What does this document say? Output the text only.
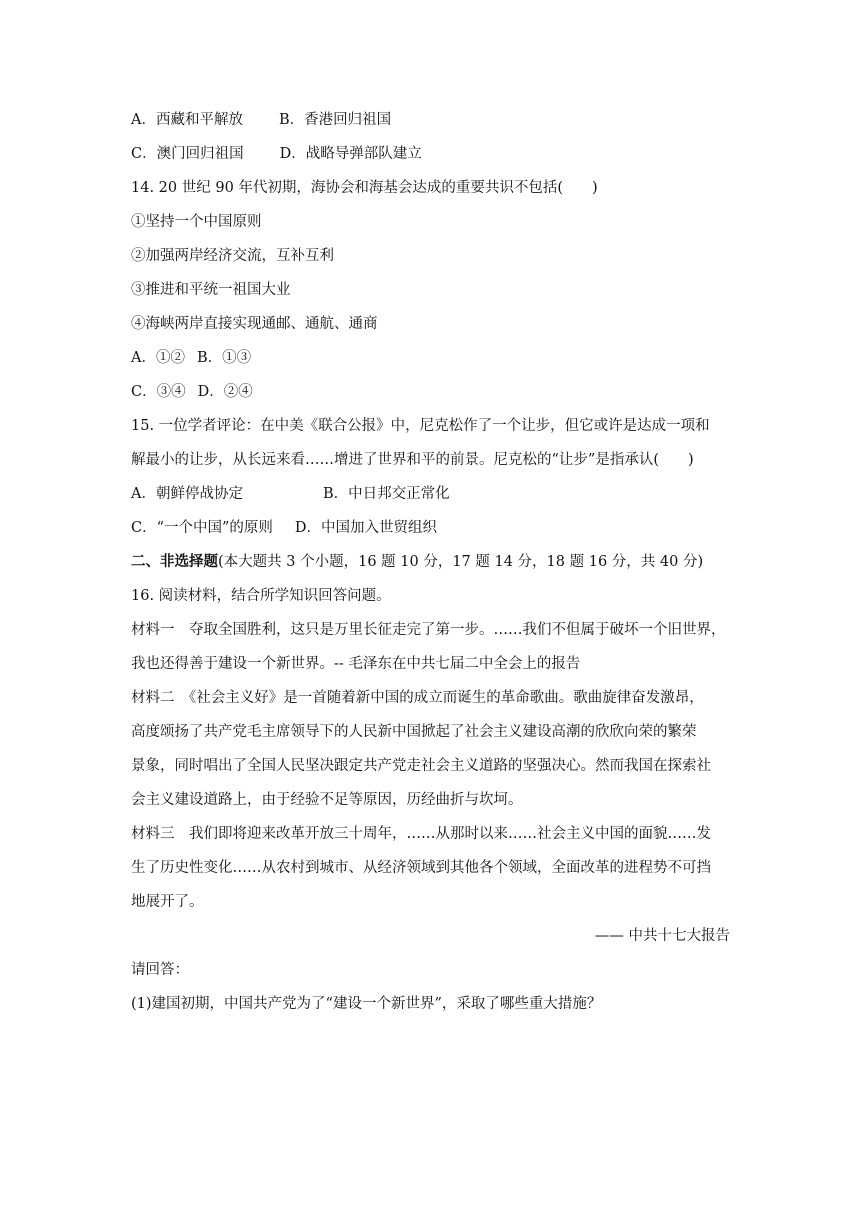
A．西藏和平解放 B．香港回归祖国
C．澳门回归祖国 D．战略导弹部队建立
14. 20 世纪 90 年代初期，海协会和海基会达成的重要共识不包括(　　)
①坚持一个中国原则
②加强两岸经济交流，互补互利
③推进和平统一祖国大业
④海峡两岸直接实现通邮、通航、通商
A．①② B．①③
C．③④ D．②④
15. 一位学者评论：在中美《联合公报》中，尼克松作了一个让步，但它或许是达成一项和
解最小的让步，从长远来看……增进了世界和平的前景。尼克松的“让步”是指承认(　　)
A．朝鲜停战协定	B．中日邦交正常化
C．“一个中国”的原则 D．中国加入世贸组织
二、非选择题(本大题共 3 个小题，16 题 10 分，17 题 14 分，18 题 16 分，共 40 分)
16. 阅读材料，结合所学知识回答问题。
材料一　夺取全国胜利，这只是万里长征走完了第一步。……我们不但属于破坏一个旧世界，
我也还得善于建设一个新世界。-- 毛泽东在中共七届二中全会上的报告
材料二　《社会主义好》是一首随着新中国的成立而诞生的革命歌曲。歌曲旋律奋发激昂，
高度颂扬了共产党毛主席领导下的人民新中国掀起了社会主义建设高潮的欣欣向荣的繁荣
景象，同时唱出了全国人民坚决跟定共产党走社会主义道路的坚强决心。然而我国在探索社
会主义建设道路上，由于经验不足等原因，历经曲折与坎坷。
材料三　我们即将迎来改革开放三十周年，……从那时以来……社会主义中国的面貌……发
生了历史性变化……从农村到城市、从经济领域到其他各个领域，全面改革的进程势不可挡
地展开了。
—— 中共十七大报告
请回答：
(1)建国初期，中国共产党为了“建设一个新世界”，采取了哪些重大措施？
